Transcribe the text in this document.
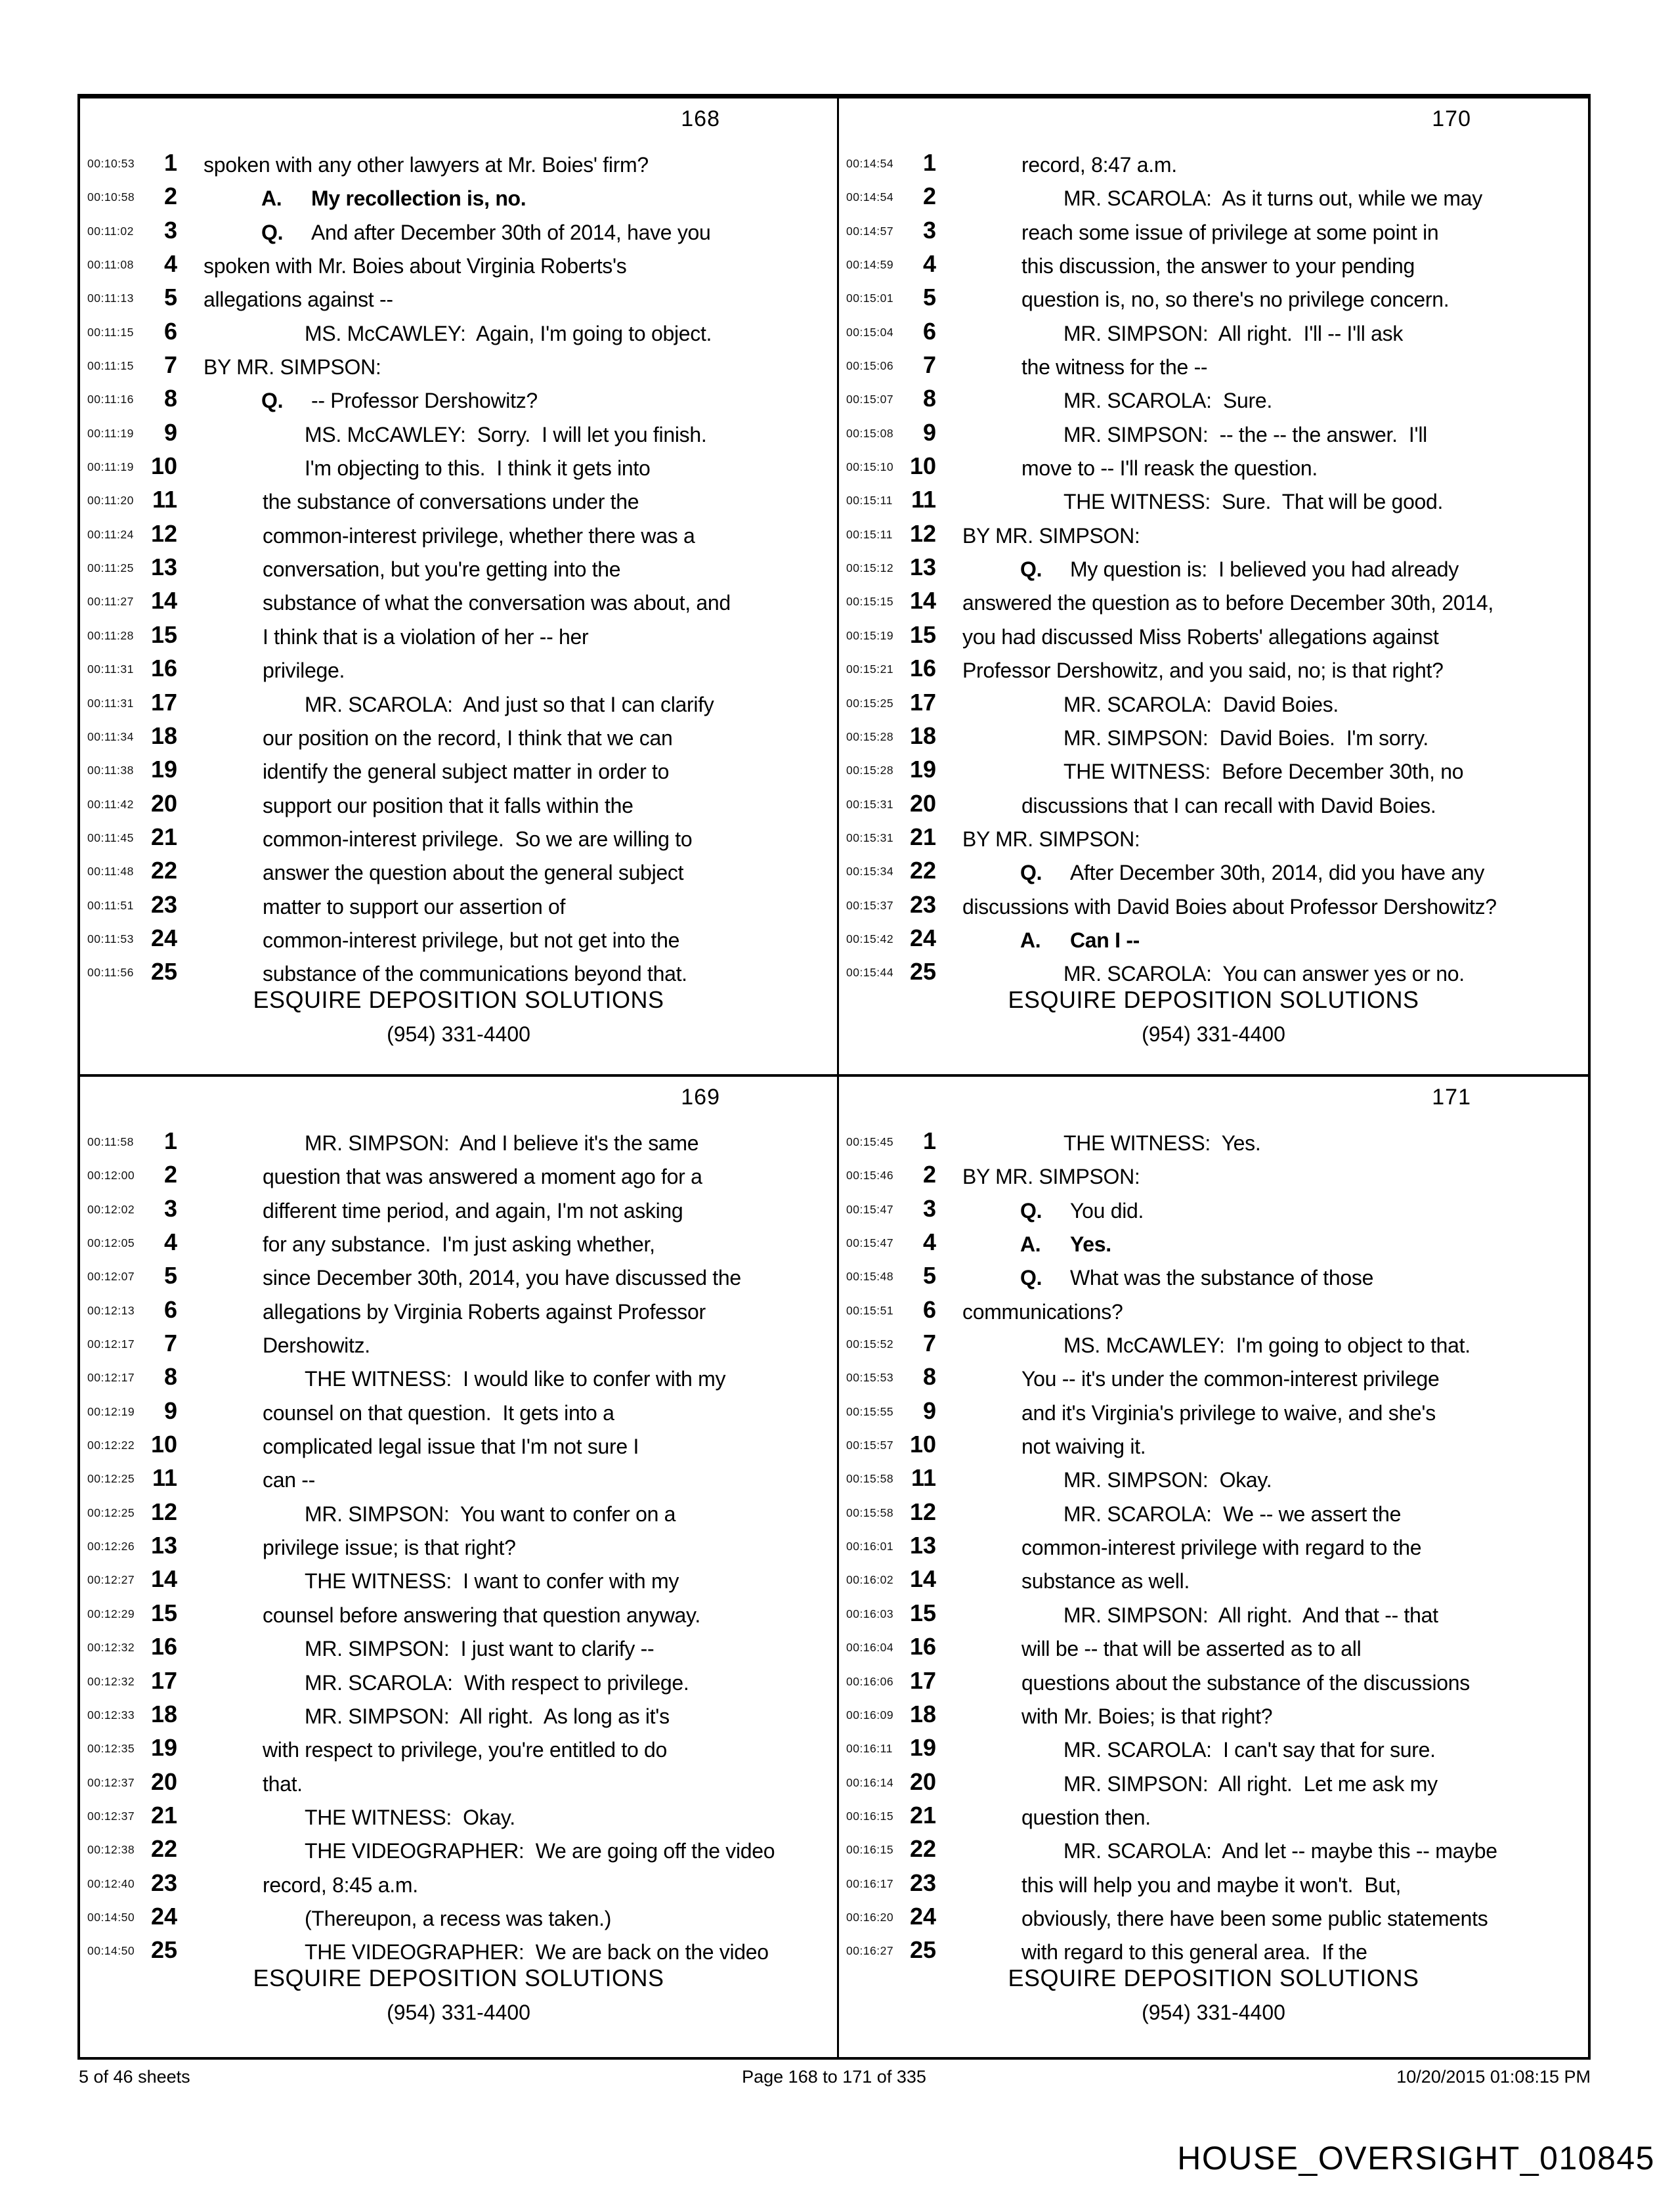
168
00:10:53	1 spoken with any other lawyers at Mr. Boies' firm?
00:10:58	2	A. My recollection is, no.
00:11:02	3	Q. And after December 30th of 2014, have you
00:11:08	4 spoken with Mr. Boies about Virginia Roberts's
00:11:13	5 allegations against --
00:11:15	6	MS. McCAWLEY:  Again, I'm going to object.
00:11:15	7 BY MR. SIMPSON:
00:11:16	8	Q. -- Professor Dershowitz?
00:11:19	9	MS. McCAWLEY:  Sorry.  I will let you finish.
00:11:19 10	I'm objecting to this.  I think it gets into
00:11:20 11	the substance of conversations under the
00:11:24 12	common-interest privilege, whether there was a
00:11:25 13	conversation, but you're getting into the
00:11:27 14	substance of what the conversation was about, and
00:11:28 15	I think that is a violation of her -- her
00:11:31 16	privilege.
00:11:31 17	MR. SCAROLA:  And just so that I can clarify
00:11:34 18	our position on the record, I think that we can
00:11:38 19	identify the general subject matter in order to
00:11:42 20	support our position that it falls within the
00:11:45 21	common-interest privilege.  So we are willing to
00:11:48 22	answer the question about the general subject
00:11:51 23	matter to support our assertion of
00:11:53 24	common-interest privilege, but not get into the
00:11:56 25	substance of the communications beyond that.
ESQUIRE DEPOSITION SOLUTIONS
(954) 331-4400
170
00:14:54	1	record, 8:47 a.m.
00:14:54	2	MR. SCAROLA:  As it turns out, while we may
00:14:57	3	reach some issue of privilege at some point in
00:14:59	4	this discussion, the answer to your pending
00:15:01	5	question is, no, so there's no privilege concern.
00:15:04	6	MR. SIMPSON:  All right.  I'll -- I'll ask
00:15:06	7	the witness for the --
00:15:07	8	MR. SCAROLA:  Sure.
00:15:08	9	MR. SIMPSON:  -- the -- the answer.  I'll
00:15:10 10	move to -- I'll reask the question.
00:15:11 11	THE WITNESS:  Sure.  That will be good.
00:15:11 12 BY MR. SIMPSON:
00:15:12 13	Q. My question is:  I believed you had already
00:15:15 14 answered the question as to before December 30th, 2014,
00:15:19 15 you had discussed Miss Roberts' allegations against
00:15:21 16 Professor Dershowitz, and you said, no; is that right?
00:15:25 17	MR. SCAROLA:  David Boies.
00:15:28 18	MR. SIMPSON:  David Boies.  I'm sorry.
00:15:28 19	THE WITNESS:  Before December 30th, no
00:15:31 20	discussions that I can recall with David Boies.
00:15:31 21 BY MR. SIMPSON:
00:15:34 22	Q. After December 30th, 2014, did you have any
00:15:37 23 discussions with David Boies about Professor Dershowitz?
00:15:42 24	A. Can I --
00:15:44 25	MR. SCAROLA:  You can answer yes or no.
ESQUIRE DEPOSITION SOLUTIONS
(954) 331-4400
169
00:11:58	1	MR. SIMPSON:  And I believe it's the same
00:12:00	2	question that was answered a moment ago for a
00:12:02	3	different time period, and again, I'm not asking
00:12:05	4	for any substance.  I'm just asking whether,
00:12:07	5	since December 30th, 2014, you have discussed the
00:12:13	6	allegations by Virginia Roberts against Professor
00:12:17	7	Dershowitz.
00:12:17	8	THE WITNESS:  I would like to confer with my
00:12:19	9	counsel on that question.  It gets into a
00:12:22 10	complicated legal issue that I'm not sure I
00:12:25 11	can --
00:12:25 12	MR. SIMPSON:  You want to confer on a
00:12:26 13	privilege issue; is that right?
00:12:27 14	THE WITNESS:  I want to confer with my
00:12:29 15	counsel before answering that question anyway.
00:12:32 16	MR. SIMPSON:  I just want to clarify --
00:12:32 17	MR. SCAROLA:  With respect to privilege.
00:12:33 18	MR. SIMPSON:  All right.  As long as it's
00:12:35 19	with respect to privilege, you're entitled to do
00:12:37 20	that.
00:12:37 21	THE WITNESS:  Okay.
00:12:38 22	THE VIDEOGRAPHER:  We are going off the video
00:12:40 23	record, 8:45 a.m.
00:14:50 24	(Thereupon, a recess was taken.)
00:14:50 25	THE VIDEOGRAPHER:  We are back on the video
ESQUIRE DEPOSITION SOLUTIONS
(954) 331-4400
171
00:15:45	1	THE WITNESS:  Yes.
00:15:46	2 BY MR. SIMPSON:
00:15:47	3	Q. You did.
00:15:47	4	A. Yes.
00:15:48	5	Q. What was the substance of those
00:15:51	6 communications?
00:15:52	7	MS. McCAWLEY:  I'm going to object to that.
00:15:53	8	You -- it's under the common-interest privilege
00:15:55	9	and it's Virginia's privilege to waive, and she's
00:15:57 10	not waiving it.
00:15:58 11	MR. SIMPSON:  Okay.
00:15:58 12	MR. SCAROLA:  We -- we assert the
00:16:01 13	common-interest privilege with regard to the
00:16:02 14	substance as well.
00:16:03 15	MR. SIMPSON:  All right.  And that -- that
00:16:04 16	will be -- that will be asserted as to all
00:16:06 17	questions about the substance of the discussions
00:16:09 18	with Mr. Boies; is that right?
00:16:11 19	MR. SCAROLA:  I can't say that for sure.
00:16:14 20	MR. SIMPSON:  All right.  Let me ask my
00:16:15 21	question then.
00:16:15 22	MR. SCAROLA:  And let -- maybe this -- maybe
00:16:17 23	this will help you and maybe it won't.  But,
00:16:20 24	obviously, there have been some public statements
00:16:27 25	with regard to this general area.  If the
ESQUIRE DEPOSITION SOLUTIONS
(954) 331-4400
5 of 46 sheets	Page 168 to 171 of 335	10/20/2015 01:08:15 PM
HOUSE_OVERSIGHT_010845
